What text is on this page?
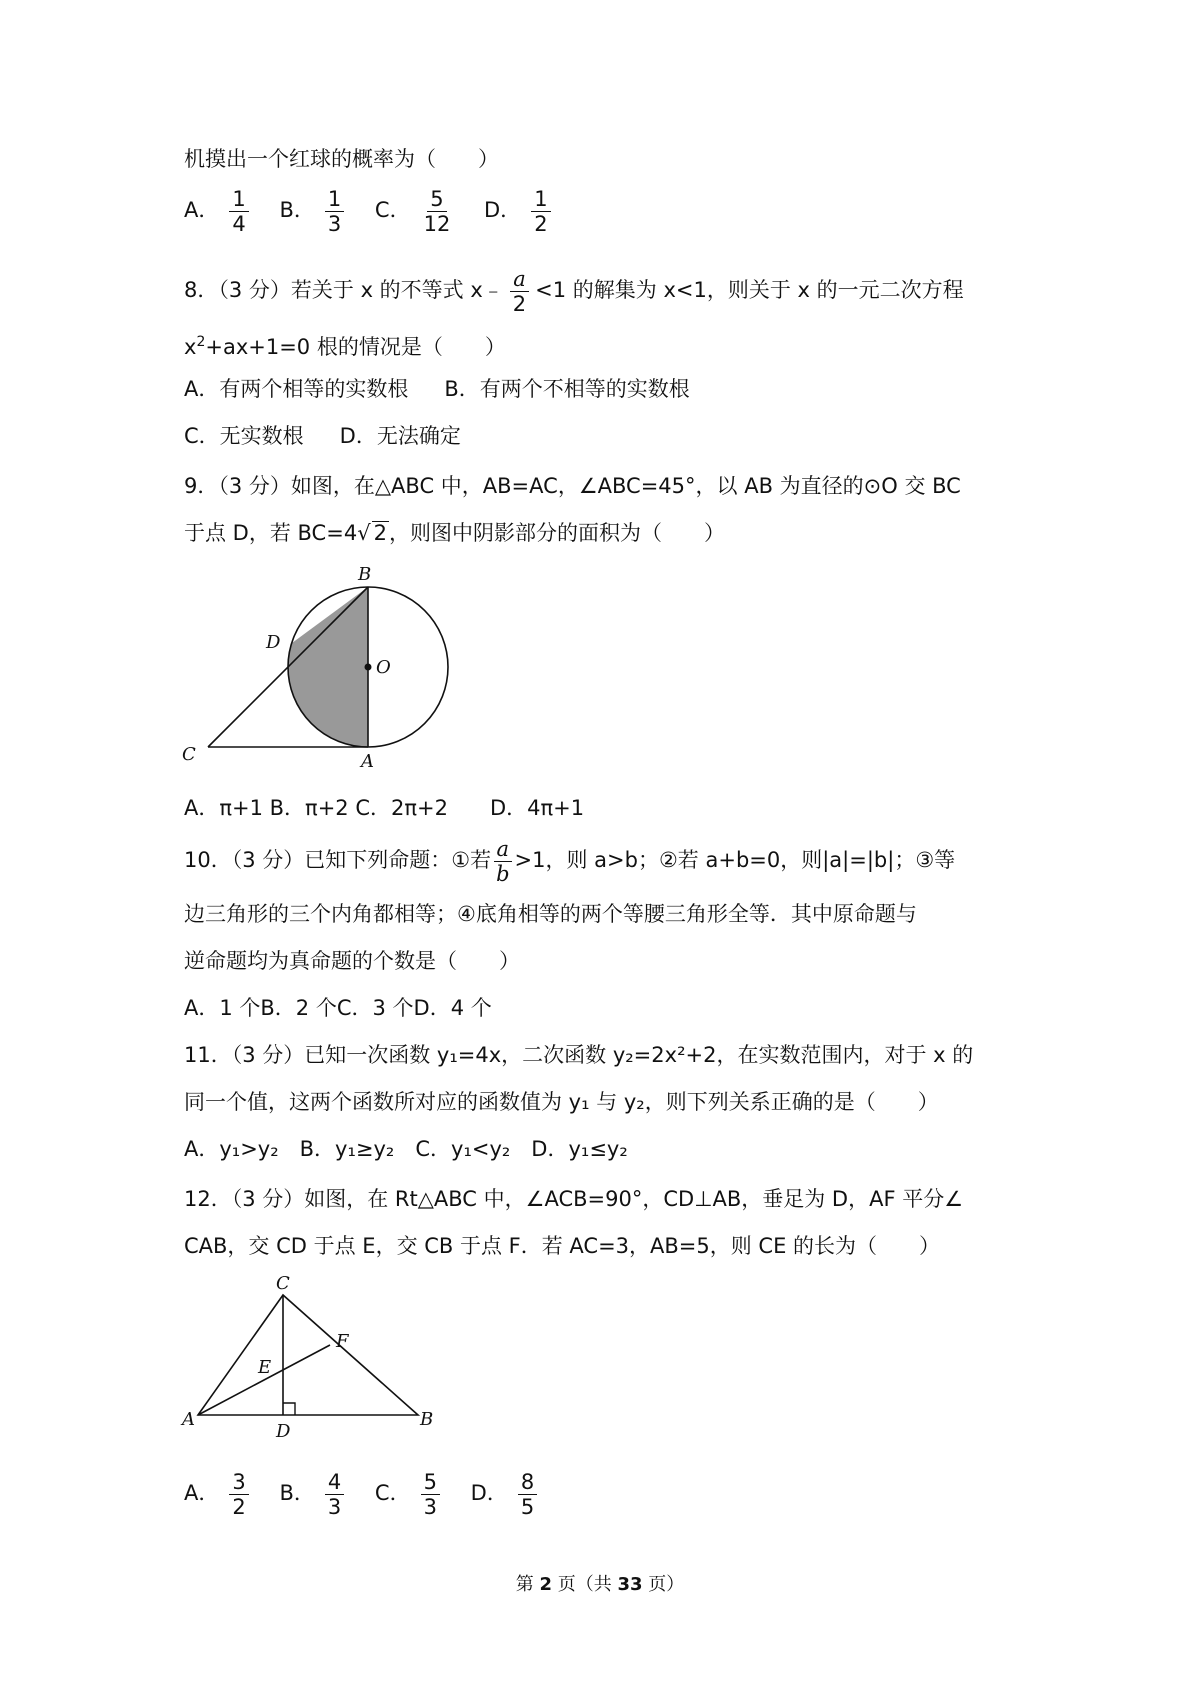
机摸出一个红球的概率为（　　）
A． $\frac{1}{4}$ B． $\frac{1}{3}$ C． $\frac{5}{12}$ D． $\frac{1}{2}$
8．（3 分）若关于 x 的不等式 x﹣ $\frac{a}{2} <1$ 的解集为 x<1，则关于 x 的一元二次方程
$x^2+ax+1=0$ 根的情况是（　　）
A．有两个相等的实数根 B．有两个不相等的实数根
C．无实数根 D．无法确定
9．（3 分）如图，在△ABC 中，AB=AC，∠ABC=45°，以 AB 为直径的⊙O 交 BC
于点 D，若 BC=4√ 2，则图中阴影部分的面积为（　　）
B
D
O
C	A
A．π+1 B．π+2 C．2π+2　　D．4π+1
10．（3 分）已知下列命题：①若 $\frac{a}{b} >1$，则 a>b；②若 a+b=0，则|a|=|b|；③等
边三角形的三个内角都相等；④底角相等的两个等腰三角形全等．其中原命题与
逆命题均为真命题的个数是（　　）
A．1 个B．2 个C．3 个D．4 个
11．（3 分）已知一次函数 y₁=4x，二次函数 y₂=2x²+2，在实数范围内，对于 x 的
同一个值，这两个函数所对应的函数值为 y₁ 与 y₂，则下列关系正确的是（　　）
A．y₁>y₂　B．y₁≥y₂　C．y₁<y₂　D．y₁≤y₂
12．（3 分）如图，在 Rt△ABC 中，∠ACB=90°，CD⊥AB，垂足为 D，AF 平分∠
CAB，交 CD 于点 E，交 CB 于点 F．若 AC=3，AB=5，则 CE 的长为（　　）
C
F
E
A
D
B
A． $\frac{3}{2}$ B． $\frac{4}{3}$ C． $\frac{5}{3}$ D． $\frac{8}{5}$
第 2 页（共 33 页）
